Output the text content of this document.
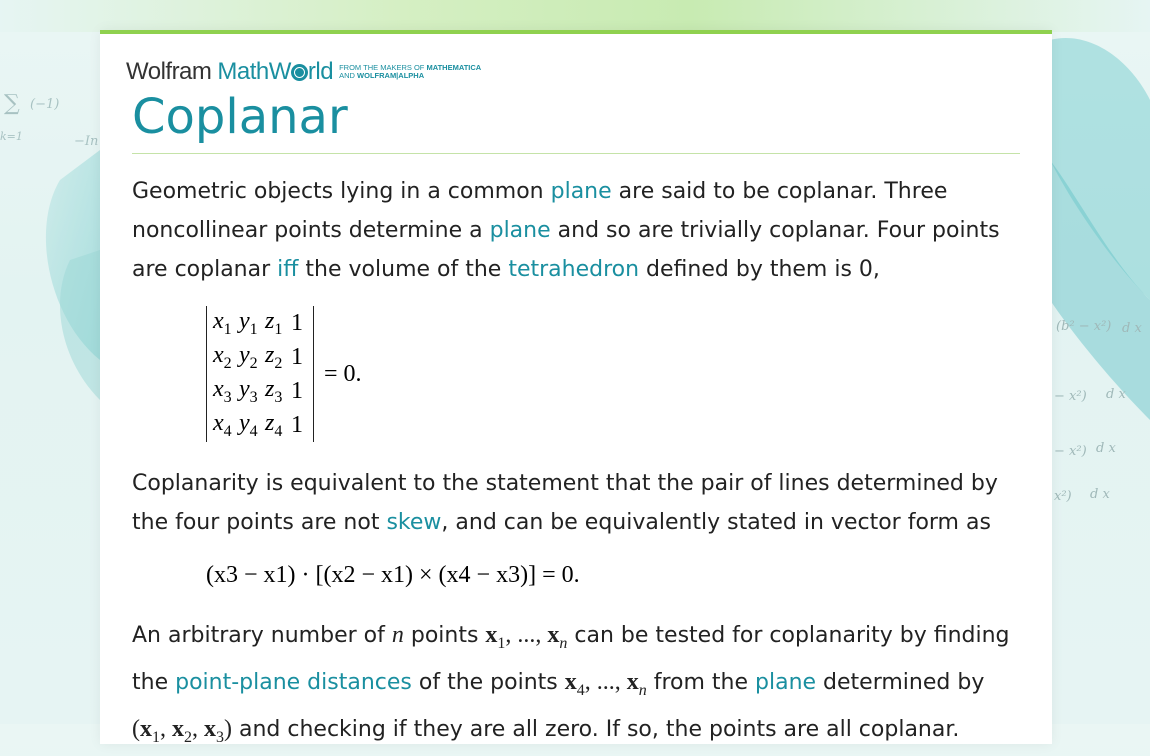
∑ (−1)
−In
k=1
(b² − x²) d x
− x²) d x
− x²) d x
x²) d x
Wolfram MathW rld FROM THE MAKERS OF MATHEMATICA
AND WOLFRAM|ALPHA
Coplanar

Geometric objects lying in a common plane are said to be coplanar. Three noncollinear points determine a plane and so are trivially coplanar. Four points are coplanar iff the volume of the tetrahedron defined by them is 0,

$x_1$ $y_1$ $z_1$ 1
$x_2$ $y_2$ $z_2$ 1
$x_3$ $y_3$ $z_3$ 1
$x_4$ $y_4$ $z_4$ 1
= 0.
Coplanarity is equivalent to the statement that the pair of lines determined by the four points are not skew, and can be equivalently stated in vector form as
(x3 − x1) · [(x2 − x1) × (x4 − x3)] = 0.
An arbitrary number of n points $x_1$, ..., $x_n$ can be tested for coplanarity by finding the point-plane distances of the points $x_4$, ..., $x_n$ from the plane determined by ($x_1$, $x_2$, $x_3$) and checking if they are all zero. If so, the points are all coplanar.
